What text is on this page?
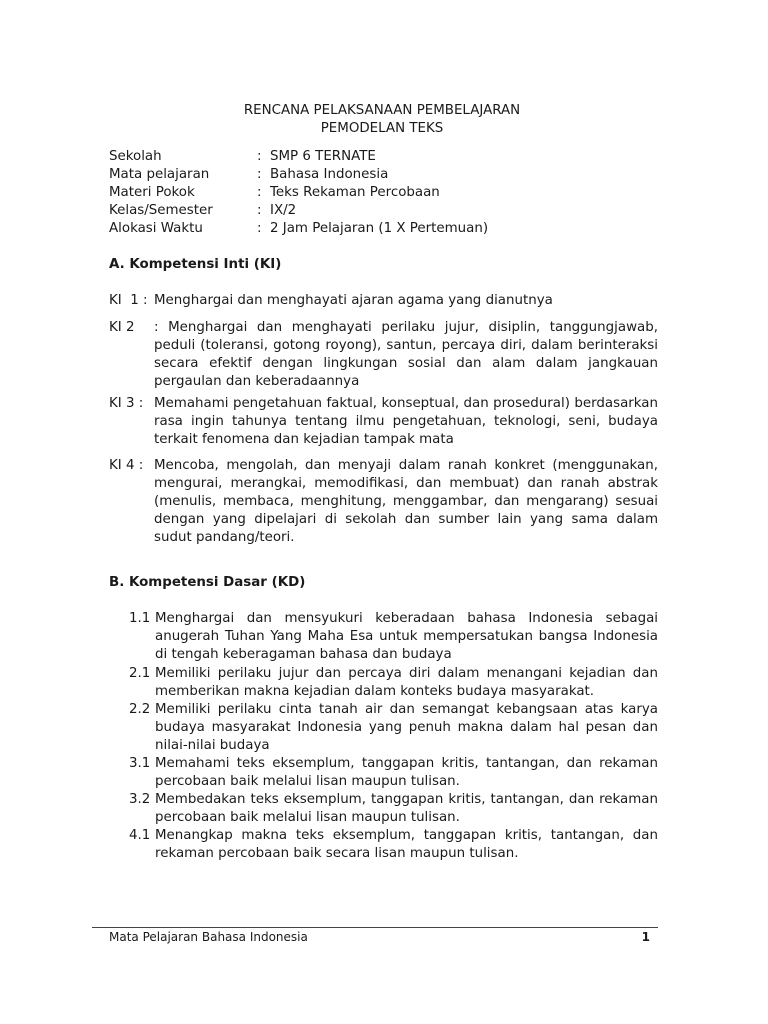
RENCANA PELAKSANAAN PEMBELAJARAN
PEMODELAN TEKS
Sekolah	: SMP 6 TERNATE
Mata pelajaran	: Bahasa Indonesia
Materi Pokok	: Teks Rekaman Percobaan
Kelas/Semester	: IX/2
Alokasi Waktu	: 2 Jam Pelajaran (1 X Pertemuan)
A. Kompetensi Inti (KI)
KI  1 : Menghargai dan menghayati ajaran agama yang dianutnya
KI 2 : Menghargai dan menghayati perilaku jujur, disiplin, tanggungjawab, peduli (toleransi, gotong royong), santun, percaya diri, dalam berinteraksi secara efektif dengan lingkungan sosial dan alam dalam jangkauan pergaulan dan keberadaannya
KI 3 : Memahami pengetahuan faktual, konseptual, dan prosedural) berdasarkan rasa ingin tahunya tentang ilmu pengetahuan, teknologi, seni, budaya terkait fenomena dan kejadian tampak mata
KI 4 : Mencoba, mengolah, dan menyaji dalam ranah konkret (menggunakan, mengurai, merangkai, memodifikasi, dan membuat) dan ranah abstrak (menulis, membaca, menghitung, menggambar, dan mengarang) sesuai dengan yang dipelajari di sekolah dan sumber lain yang sama dalam sudut pandang/teori.
B. Kompetensi Dasar (KD)
1.1 Menghargai dan mensyukuri keberadaan bahasa Indonesia sebagai anugerah Tuhan Yang Maha Esa untuk mempersatukan bangsa Indonesia di tengah keberagaman bahasa dan budaya
2.1 Memiliki perilaku jujur dan percaya diri dalam menangani kejadian dan memberikan makna kejadian dalam konteks budaya masyarakat.
2.2 Memiliki perilaku cinta tanah air dan semangat kebangsaan atas karya budaya masyarakat Indonesia yang penuh makna dalam hal pesan dan nilai-nilai budaya
3.1 Memahami teks eksemplum, tanggapan kritis, tantangan, dan rekaman percobaan baik melalui lisan maupun tulisan.
3.2 Membedakan teks eksemplum, tanggapan kritis, tantangan, dan rekaman percobaan baik melalui lisan maupun tulisan.
4.1 Menangkap makna teks eksemplum, tanggapan kritis, tantangan, dan rekaman percobaan baik secara lisan maupun tulisan.
Mata Pelajaran Bahasa Indonesia	1
